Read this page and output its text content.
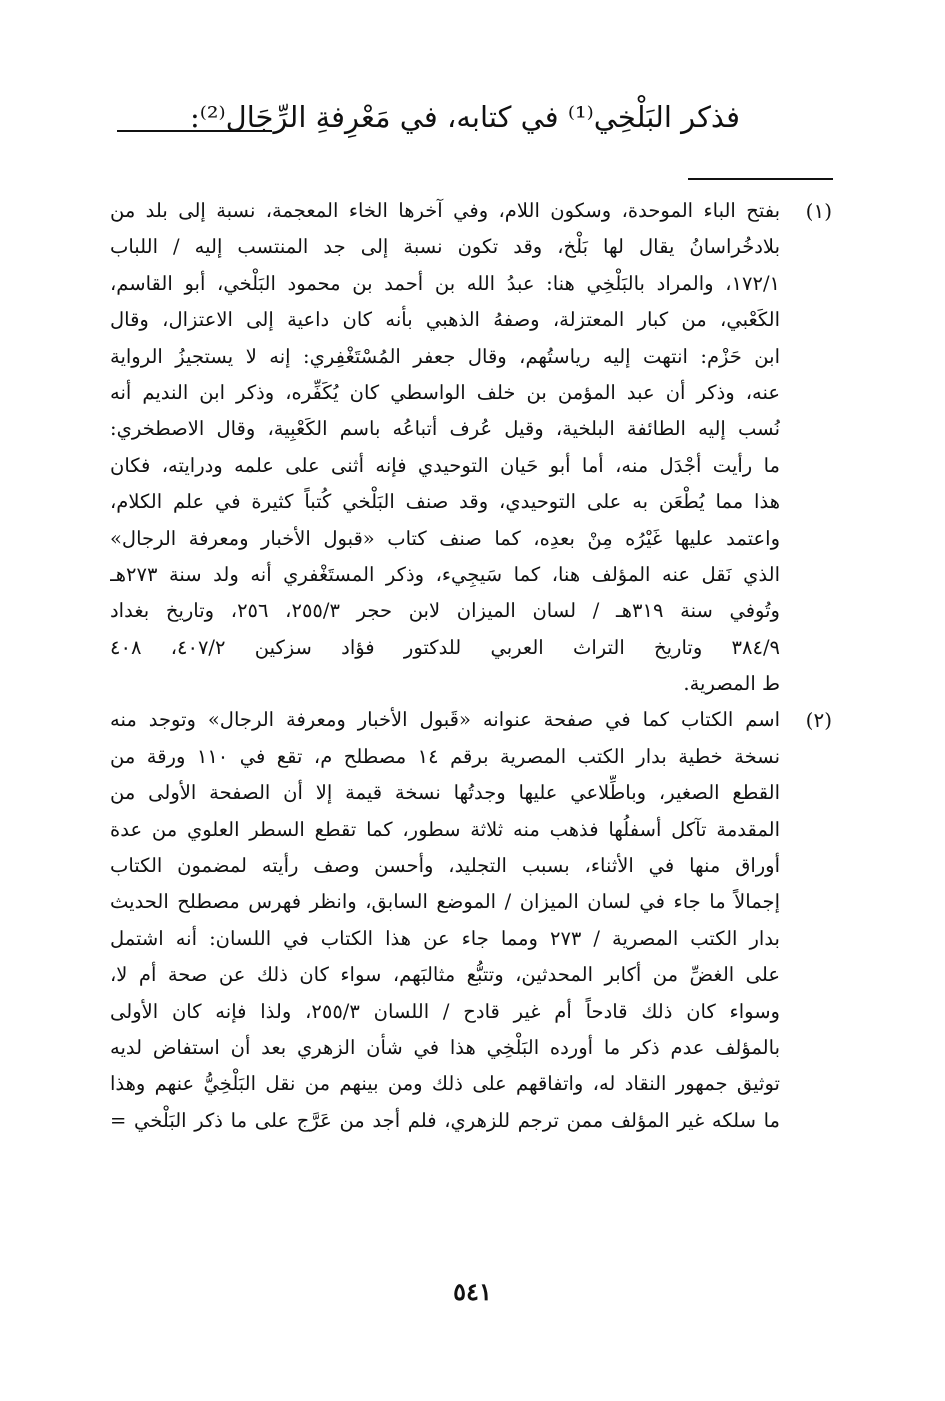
فذكر البَلْخِي⁽¹⁾ في كتابه، في مَعْرِفةِ الرِّجَال⁽²⁾:
(١)
بفتح الباء الموحدة، وسكون اللام، وفي آخرها الخاء المعجمة، نسبة إلى بلد من
بلادخُراسانُ يقال لها بَلْخ، وقد تكون نسبة إلى جد المنتسب إليه / اللباب
١٧٢/١، والمراد بالبَلْخِي هنا: عبدُ الله بن أحمد بن محمود البَلْخي، أبو القاسم،
الكَعْبي، من كبار المعتزلة، وصفهُ الذهبي بأنه كان داعية إلى الاعتزال، وقال
ابن حَزْم: انتهت إليه رياستُهم، وقال جعفر المُسْتَغْفِري: إنه لا يستجيزُ الرواية
عنه، وذكر أن عبد المؤمن بن خلف الواسطي كان يُكَفِّره، وذكر ابن النديم أنه
نُسب إليه الطائفة البلخية، وقيل عُرف أتباعُه باسم الكَعْبِية، وقال الاصطخري:
ما رأيت أجْدَل منه، أما أبو حَيان التوحيدي فإنه أثنى على علمه ودرايته، فكان
هذا مما يُطْعَن به على التوحيدي، وقد صنف البَلْخي كُتباً كثيرة في علم الكلام،
واعتمد عليها غَيْرُه مِنْ بعدِه، كما صنف كتاب «قبول الأخبار ومعرفة الرجال»
الذي نَقل عنه المؤلف هنا، كما سَيجِيء، وذكر المستَغْفري أنه ولد سنة ٢٧٣هـ
وتُوفي سنة ٣١٩هـ / لسان الميزان لابن حجر ٢٥٥/٣، ٢٥٦، وتاريخ بغداد
٣٨٤/٩ وتاريخ التراث العربي للدكتور فؤاد سزكين ٤٠٧/٢، ٤٠٨
ط المصرية.
(٢)
اسم الكتاب كما في صفحة عنوانه «قَبول الأخبار ومعرفة الرجال» وتوجد منه
نسخة خطية بدار الكتب المصرية برقم ١٤ مصطلح م، تقع في ١١٠ ورقة من
القطع الصغير، وباطِّلاعي عليها وجدتُها نسخة قيمة إلا أن الصفحة الأولى من
المقدمة تآكل أسفلُها فذهب منه ثلاثة سطور، كما تقطع السطر العلوي من عدة
أوراق منها في الأثناء، بسبب التجليد، وأحسن وصف رأيته لمضمون الكتاب
إجمالاً ما جاء في لسان الميزان / الموضع السابق، وانظر فهرس مصطلح الحديث
بدار الكتب المصرية / ٢٧٣ ومما جاء عن هذا الكتاب في اللسان: أنه اشتمل
على الغضِّ من أكابر المحدثين، وتتبُّع مثالبَهم، سواء كان ذلك عن صحة أم لا،
وسواء كان ذلك قادحاً أم غير قادح / اللسان ٢٥٥/٣، ولذا فإنه كان الأولى
بالمؤلف عدم ذكر ما أورده البَلْخِي هذا في شأن الزهري بعد أن استفاض لديه
توثيق جمهور النقاد له، واتفاقهم على ذلك ومن بينهم من نقل البَلْخِيُّ عنهم وهذا
ما سلكه غير المؤلف ممن ترجم للزهري، فلم أجد من عَرَّج على ما ذكر البَلْخي =
٥٤١
